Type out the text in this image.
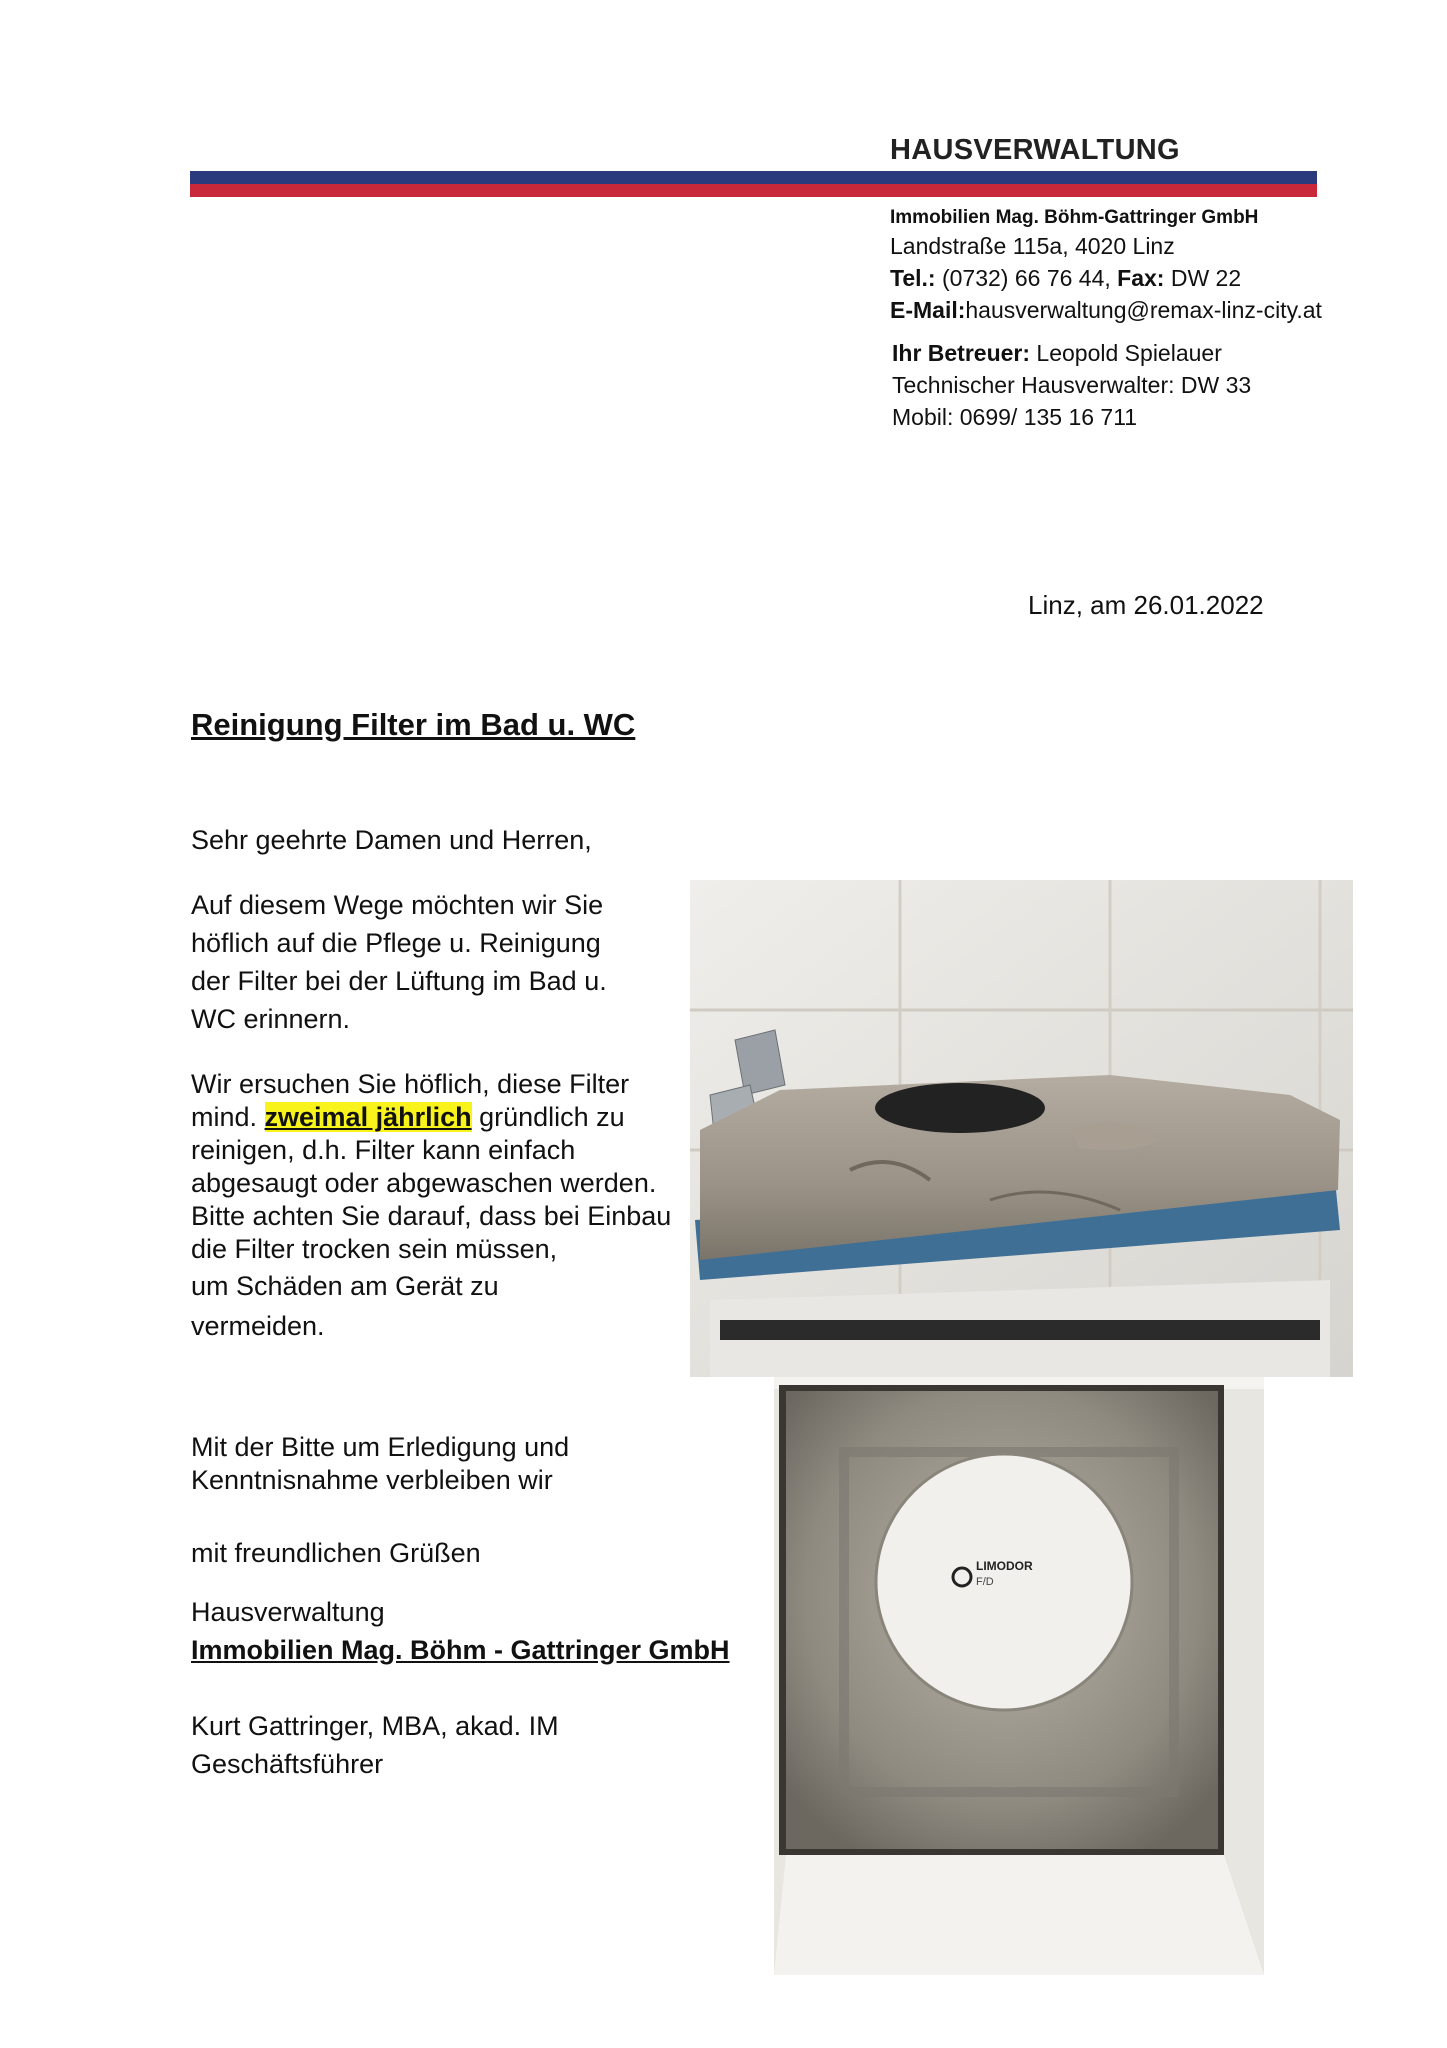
HAUSVERWALTUNG
Immobilien Mag. Böhm-Gattringer GmbH
Landstraße 115a, 4020 Linz
Tel.: (0732) 66 76 44, Fax: DW 22
E-Mail:hausverwaltung@remax-linz-city.at
Ihr Betreuer: Leopold Spielauer
Technischer Hausverwalter: DW 33
Mobil: 0699/ 135 16 711
Linz, am 26.01.2022
Reinigung Filter im Bad u. WC
Sehr geehrte Damen und Herren,
Auf diesem Wege möchten wir Sie
höflich auf die Pflege u. Reinigung
der Filter bei der Lüftung im Bad u.
WC erinnern.
Wir ersuchen Sie höflich, diese Filter mind. zweimal jährlich gründlich zu reinigen, d.h. Filter kann einfach abgesaugt oder abgewaschen werden. Bitte achten Sie darauf, dass bei Einbau die Filter trocken sein müssen,
um Schäden am Gerät zu
vermeiden.
Mit der Bitte um Erledigung und
Kenntnisnahme verbleiben wir
mit freundlichen Grüßen
Hausverwaltung
Immobilien Mag. Böhm - Gattringer GmbH
Kurt Gattringer, MBA, akad. IM
Geschäftsführer
LIMODOR
F/D
